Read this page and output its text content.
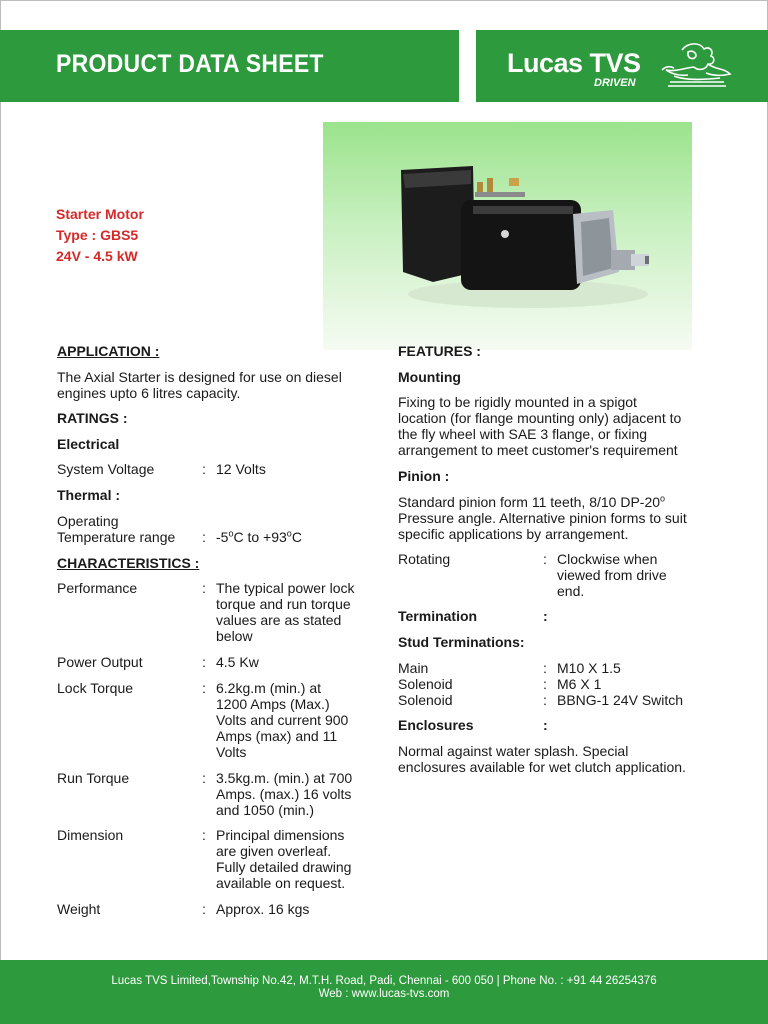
PRODUCT DATA SHEET	Lucas TVS
DRIVEN
Starter Motor
Type : GBS5
24V - 4.5 kW
APPLICATION :
The Axial Starter is designed for use on diesel
engines upto 6 litres capacity.
RATINGS :
Electrical
System Voltage	: 12 Volts
Thermal :
Operating
Temperature range : -5$^o$C to $+93^oC$
CHARACTERISTICS :
Performance	: The typical power lock
torque and run torque
values are as stated
below
Power Output	: 4.5 Kw
Lock Torque	: 6.2kg.m (min.) at
1200 Amps (Max.)
Volts and current 900
Amps (max) and 11
Volts
Run Torque	: 3.5kg.m. (min.) at 700
Amps. (max.) 16 volts
and 1050 (min.)
Dimension	: Principal dimensions
are given overleaf.
Fully detailed drawing
available on request.
Weight	: Approx. 16 kgs
FEATURES :
Mounting
Fixing to be rigidly mounted in a spigot
location (for flange mounting only) adjacent to
the fly wheel with SAE 3 flange, or fixing
arrangement to meet customer's requirement
Pinion :
Standard pinion form 11 teeth, 8/10 DP-20$^o$
Pressure angle. Alternative pinion forms to suit
specific applications by arrangement.
Rotating	: Clockwise when
viewed from drive
end.
Termination	:
Stud Terminations:
Main	: M10 X 1.5
Solenoid	: M6 X 1
Solenoid	: BBNG-1 24V Switch
Enclosures	:
Normal against water splash. Special
enclosures available for wet clutch application.
Lucas TVS Limited,Township No.42, M.T.H. Road, Padi, Chennai - 600 050 | Phone No. : +91 44 26254376
Web : www.lucas-tvs.com
